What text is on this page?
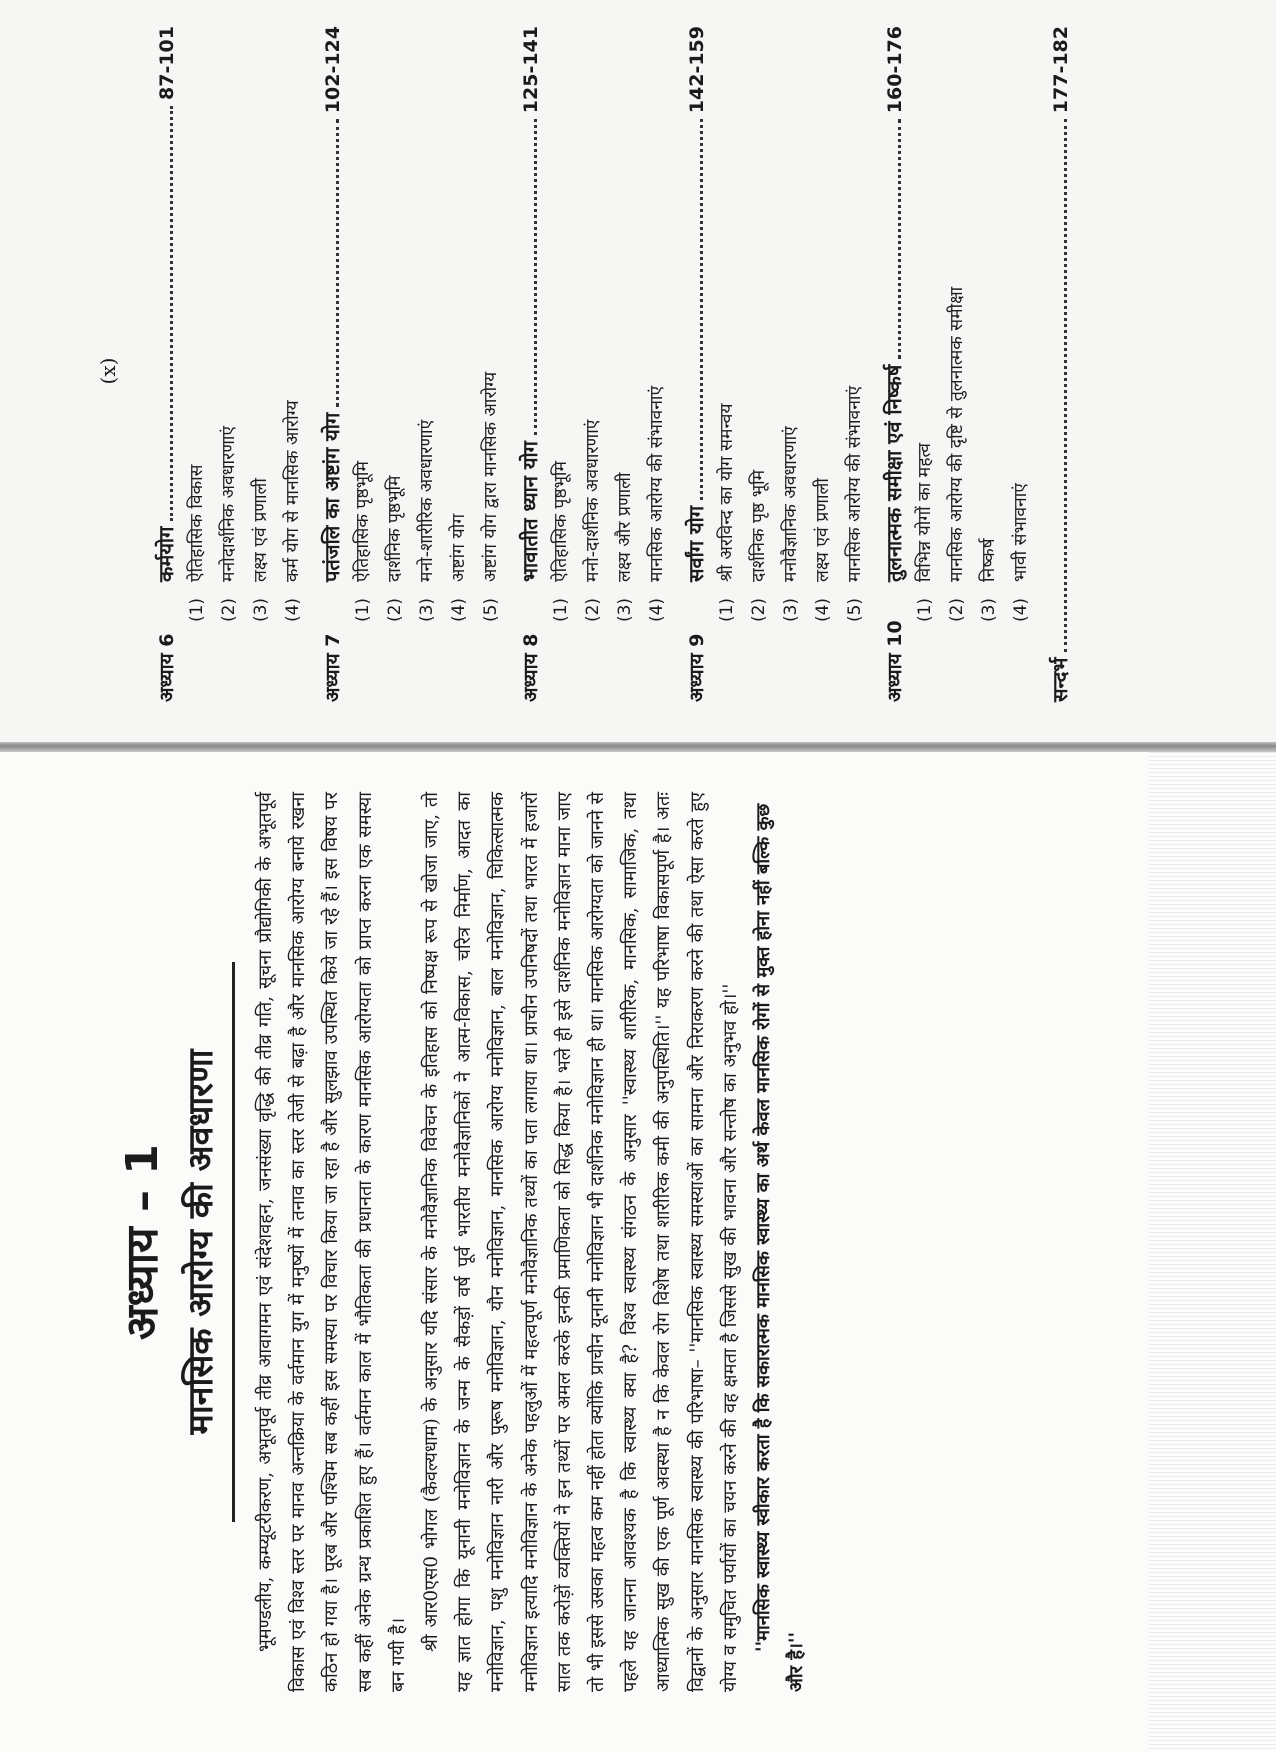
अध्याय – 1 मानसिक आरोग्य की अवधारणा	भूमण्डलीय, कम्प्यूटरीकरण, अभूतपूर्व तीव्र आवागमन एवं संदेशवहन, जनसंख्या वृद्धि की तीव्र गति, सूचना प्रौद्योगिकी के अभूतपूर्व विकास एवं विश्व स्तर पर मानव अन्तक्रिया के वर्तमान युग में मनुष्यों में तनाव का स्तर तेजी से बढ़ा है और मानसिक आरोग्य बनाये रखना कठिन हो गया है। पूरब और पश्चिम सब कहीं इस समस्या पर विचार किया जा रहा है और सुलझाव उपस्थित किये जा रहे हैं। इस विषय पर सब कहीं अनेक ग्रन्थ प्रकाशित हुए हैं। वर्तमान काल में भौतिकता की प्रधानता के कारण मानसिक आरोग्यता को प्राप्त करना एक समस्या बन गयी है।

श्री आर0एस0 भोगल (कैवल्यधाम) के अनुसार यदि संसार के मनोवैज्ञानिक विवेचन के इतिहास को निष्पक्ष रूप से खोजा जाए, तो यह ज्ञात होगा कि यूनानी मनोविज्ञान के जन्म के सैकड़ों वर्ष पूर्व भारतीय मनोवैज्ञानिकों ने आत्म-विकास, चरित्र निर्माण, आदत का मनोविज्ञान, पशु मनोविज्ञान नारी और पुरूष मनोविज्ञान, यौन मनोविज्ञान, मानसिक आरोग्य मनोविज्ञान, बाल मनोविज्ञान, चिकित्सात्मक मनोविज्ञान इत्यादि मनोविज्ञान के अनेक पहलुओं में महत्वपूर्ण मनोवैज्ञानिक तथ्यों का पता लगाया था। प्राचीन उपनिषदों तथा भारत में हजारों साल तक करोड़ों व्यक्तियों ने इन तथ्यों पर अमल करके इनकी प्रमाणिकता को सिद्ध किया है। भले ही इसे दार्शनिक मनोविज्ञान माना जाए तो भी इससे उसका महत्व कम नहीं होता क्योंकि प्राचीन यूनानी मनोविज्ञान भी दार्शनिक मनोविज्ञान ही था। मानसिक आरोग्यता को जानने से पहले यह जानना आवश्यक है कि स्वास्थ्य क्या है? विश्व स्वास्थ्य संगठन के अनुसार ''स्वास्थ्य शारीरिक, मानसिक, सामाजिक, तथा आध्यात्मिक सुख की एक पूर्ण अवस्था है न कि केवल रोग विशेष तथा शारीरिक कमी की अनुपस्थिति।'' यह परिभाषा विकासपूर्ण है। अतः विद्वानों के अनुसार मानसिक स्वास्थ्य की परिभाषा– ''मानसिक स्वास्थ्य समस्याओं का सामना और निराकरण करने की तथा ऐसा करते हुए योग्य व समुचित पर्यायों का चयन करने की वह क्षमता है जिससे सुख की भावना और सन्तोष का अनुभव हो।'' ''मानसिक स्वास्थ्य स्वीकार करता है कि सकारात्मक मानसिक स्वास्थ्य का अर्थ केवल मानसिक रोगों से मुक्त होना नहीं बल्कि कुछ और है।''

(x)
अध्याय 6
कर्मयोग
87-101
(1)
ऐतिहासिक विकास
(2)
मनोदार्शनिक अवधारणाएं
(3)
लक्ष्य एवं प्रणाली
(4)
कर्म योग से मानसिक आरोग्य
अध्याय 7
पतंजलि का अष्टांग योग
102-124
(1)
ऐतिहासिक पृष्ठभूमि
(2)
दार्शनिक पृष्ठभूमि
(3)
मनो-शारीरिक अवधारणाएं
(4)
अष्टांग योग
(5)
अष्टांग योग द्वारा मानसिक आरोग्य
अध्याय 8
भावातीत ध्यान योग
125-141
(1)
ऐतिहासिक पृष्ठभूमि
(2)
मनो-दार्शनिक अवधारणाएं
(3)
लक्ष्य और प्रणाली
(4)
मानसिक आरोग्य की संभावनाएं
अध्याय 9
सर्वांग योग
142-159
(1)
श्री अरविन्द का योग समन्वय
(2)
दार्शनिक पृष्ठ भूमि
(3)
मनोवैज्ञानिक अवधारणाएं
(4)
लक्ष्य एवं प्रणाली
(5)
मानसिक आरोग्य की संभावनाएं
अध्याय 10
तुलनात्मक समीक्षा एवं निष्कर्ष
160-176
(1)
विभिन्न योगों का महत्व
(2)
मानसिक आरोग्य की दृष्टि से तुलनात्मक समीक्षा
(3)
निष्कर्ष
(4)
भावी संभावनाएं
सन्दर्भ
177-182
